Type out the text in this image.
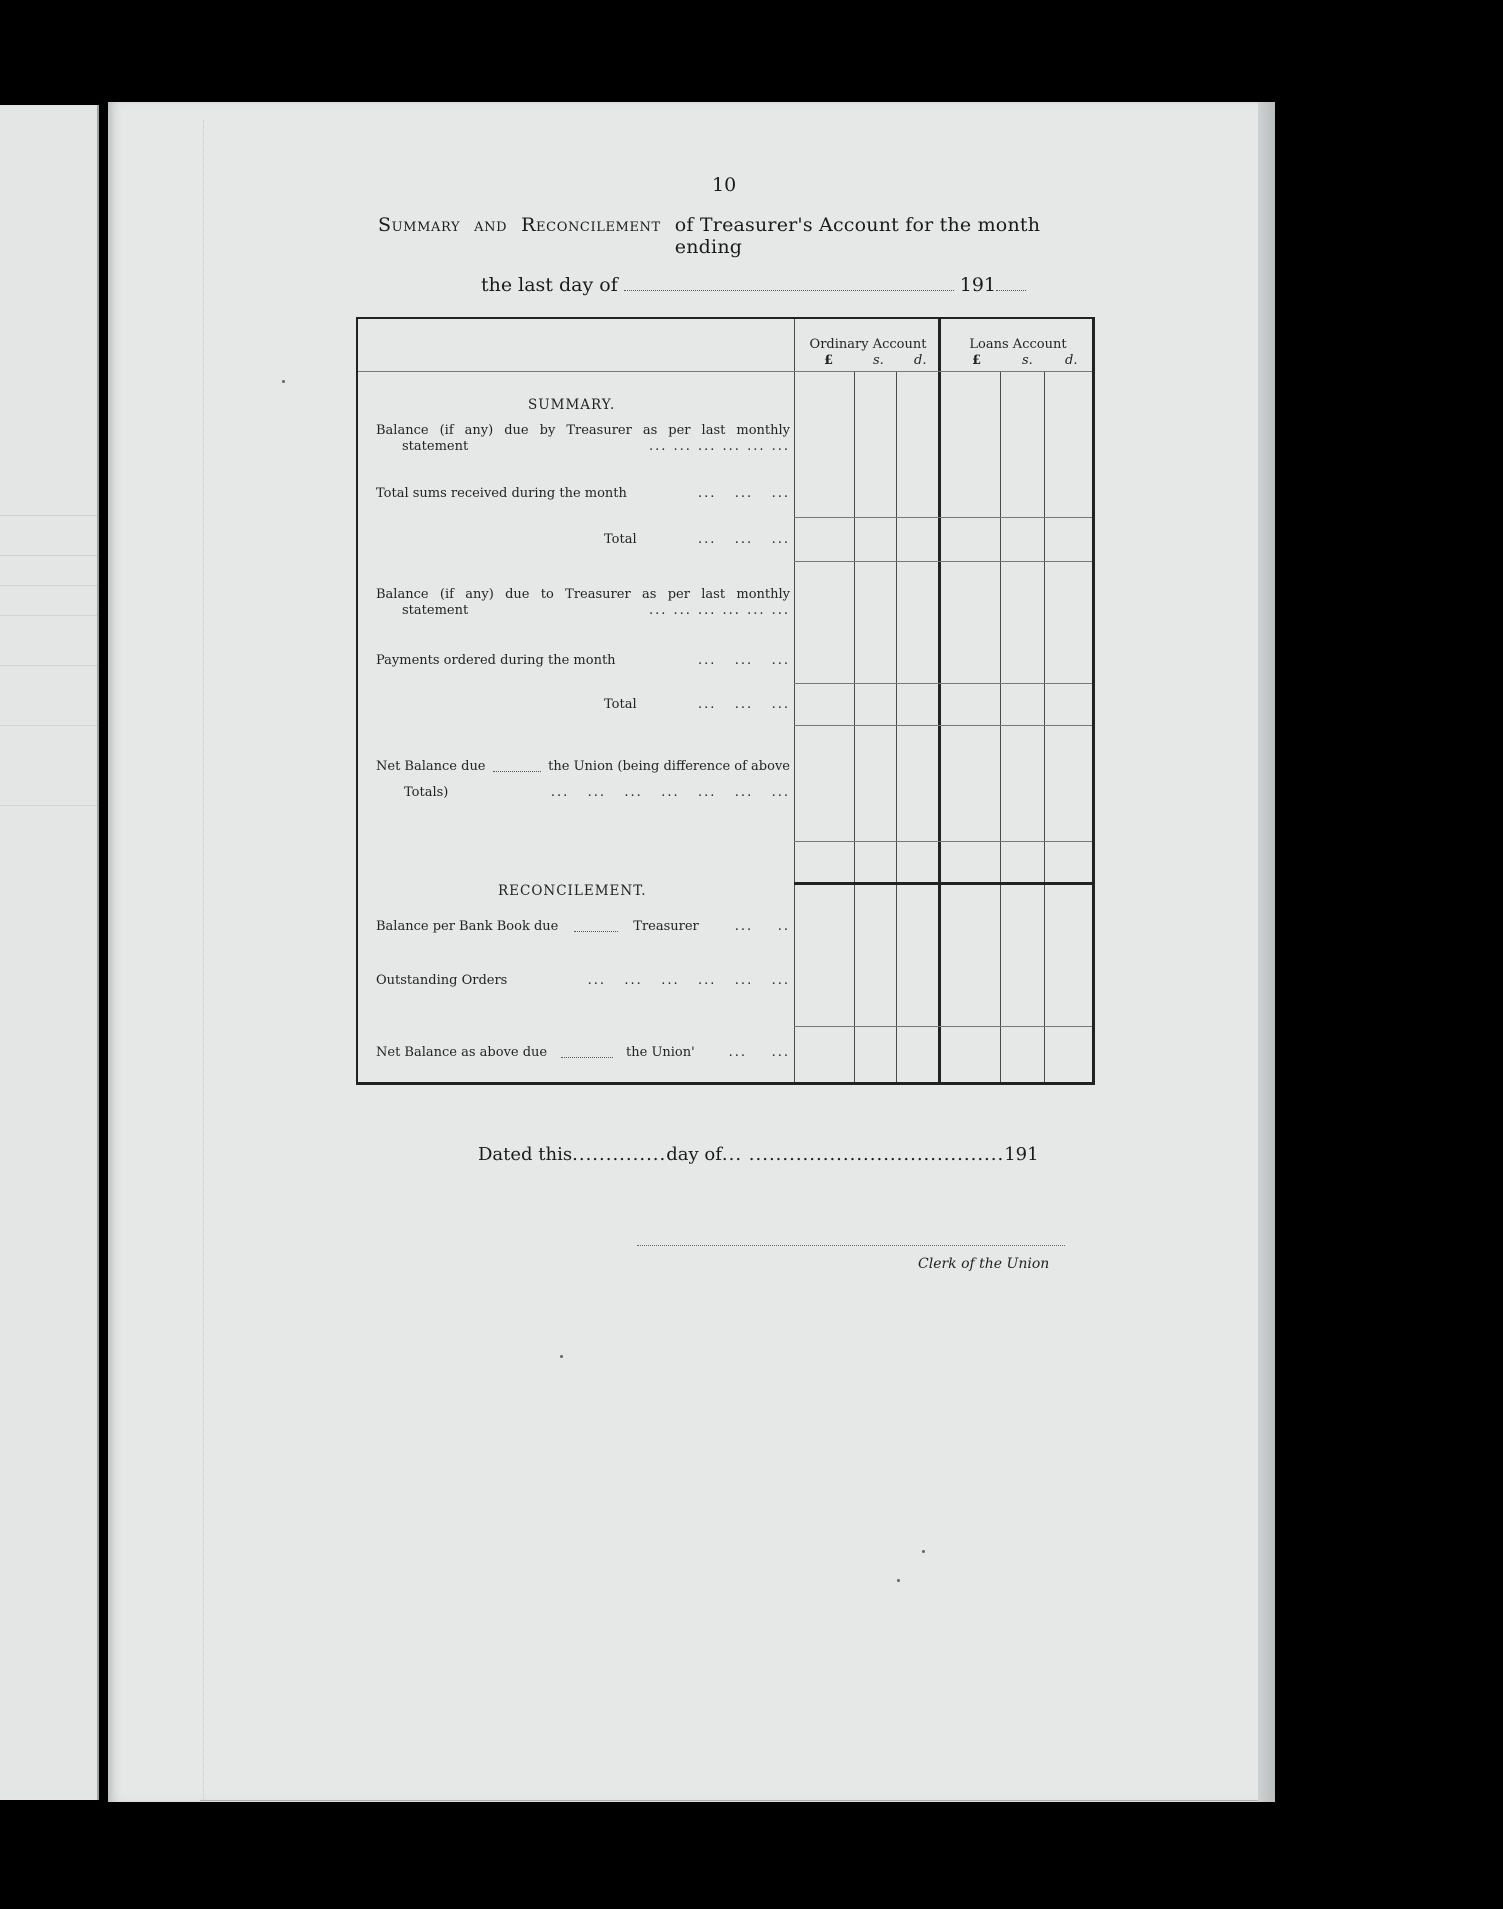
10
Summary and Reconcilement of Treasurer's Account for the month ending
the last day of	191
Ordinary Account	Loans Account
£	s. d.	£	s. d.
SUMMARY.
Balance (if any) due by Treasurer as per last monthly
statement	... ... ... ... ... ...
Total sums received during the month	...   ...   ...
Total	...   ...   ...
Balance (if any) due to Treasurer as per last monthly
statement	... ... ... ... ... ...
Payments ordered during the month	...   ...   ...
Total	...   ...   ...
Net Balance due	the Union (being difference of above
Totals)	...   ...   ...   ...   ...   ...   ...
RECONCILEMENT.
Balance per Bank Book due	Treasurer ...    ..
Outstanding Orders	...   ...   ...   ...   ...   ...
Net Balance as above due	the Union' ...    ...
Dated this..............day of... ......................................191
Clerk of the Union
